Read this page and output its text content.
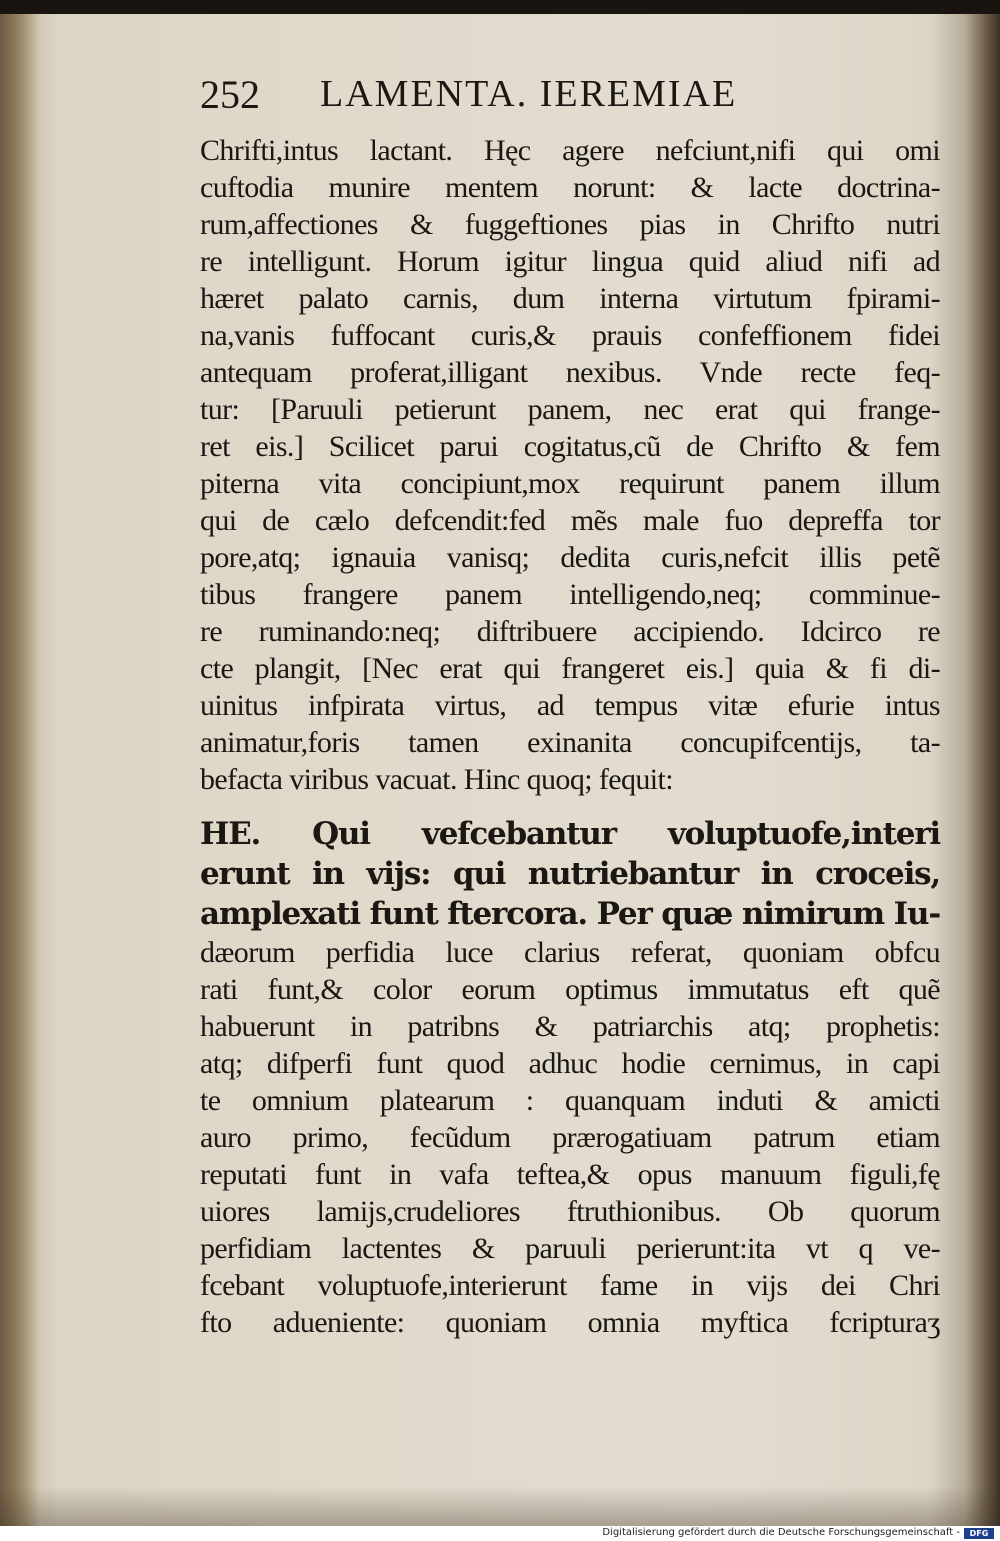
252	LAMENTA. IEREMIAE
Chrifti,intus lactant. Hęc agere nefciunt,nifi qui omi
cuftodia munire mentem norunt: & lacte doctrina-
rum,affectiones & fuggeftiones pias in Chrifto nutri
re intelligunt. Horum igitur lingua quid aliud nifi ad
hæret palato carnis, dum interna virtutum fpirami-
na,vanis fuffocant curis,& prauis confeffionem fidei
antequam proferat,illigant nexibus. Vnde recte feq-
tur: [Paruuli petierunt panem, nec erat qui frange-
ret eis.] Scilicet parui cogitatus,cũ de Chrifto & fem
piterna vita concipiunt,mox requirunt panem illum
qui de cælo defcendit:fed mẽs male fuo depreffa tor
pore,atq; ignauia vanisq; dedita curis,nefcit illis petẽ
tibus frangere panem intelligendo,neq; comminue-
re ruminando:neq; diftribuere accipiendo. Idcirco re
cte plangit, [Nec erat qui frangeret eis.] quia & fi di-
uinitus infpirata virtus, ad tempus vitæ efurie intus
animatur,foris tamen exinanita concupifcentijs, ta-
befacta viribus vacuat. Hinc quoq; fequit:
HE. Qui vefcebantur voluptuofe,interi
erunt in vijs: qui nutriebantur in croceis,
amplexati funt ftercora. Per quæ nimirum Iu-
dæorum perfidia luce clarius referat, quoniam obfcu
rati funt,& color eorum optimus immutatus eft quẽ
habuerunt in patribns & patriarchis atq; prophetis:
atq; difperfi funt quod adhuc hodie cernimus, in capi
te omnium platearum : quanquam induti & amicti
auro primo, fecũdum prærogatiuam patrum etiam
reputati funt in vafa teftea,& opus manuum figuli,fę
uiores lamijs,crudeliores ftruthionibus. Ob quorum
perfidiam lactentes & paruuli perierunt:ita vt q ve-
fcebant voluptuofe,interierunt fame in vijs dei Chri
fto adueniente: quoniam omnia myftica fcripturaʒ
Digitalisierung gefördert durch die Deutsche Forschungsgemeinschaft -	DFG
